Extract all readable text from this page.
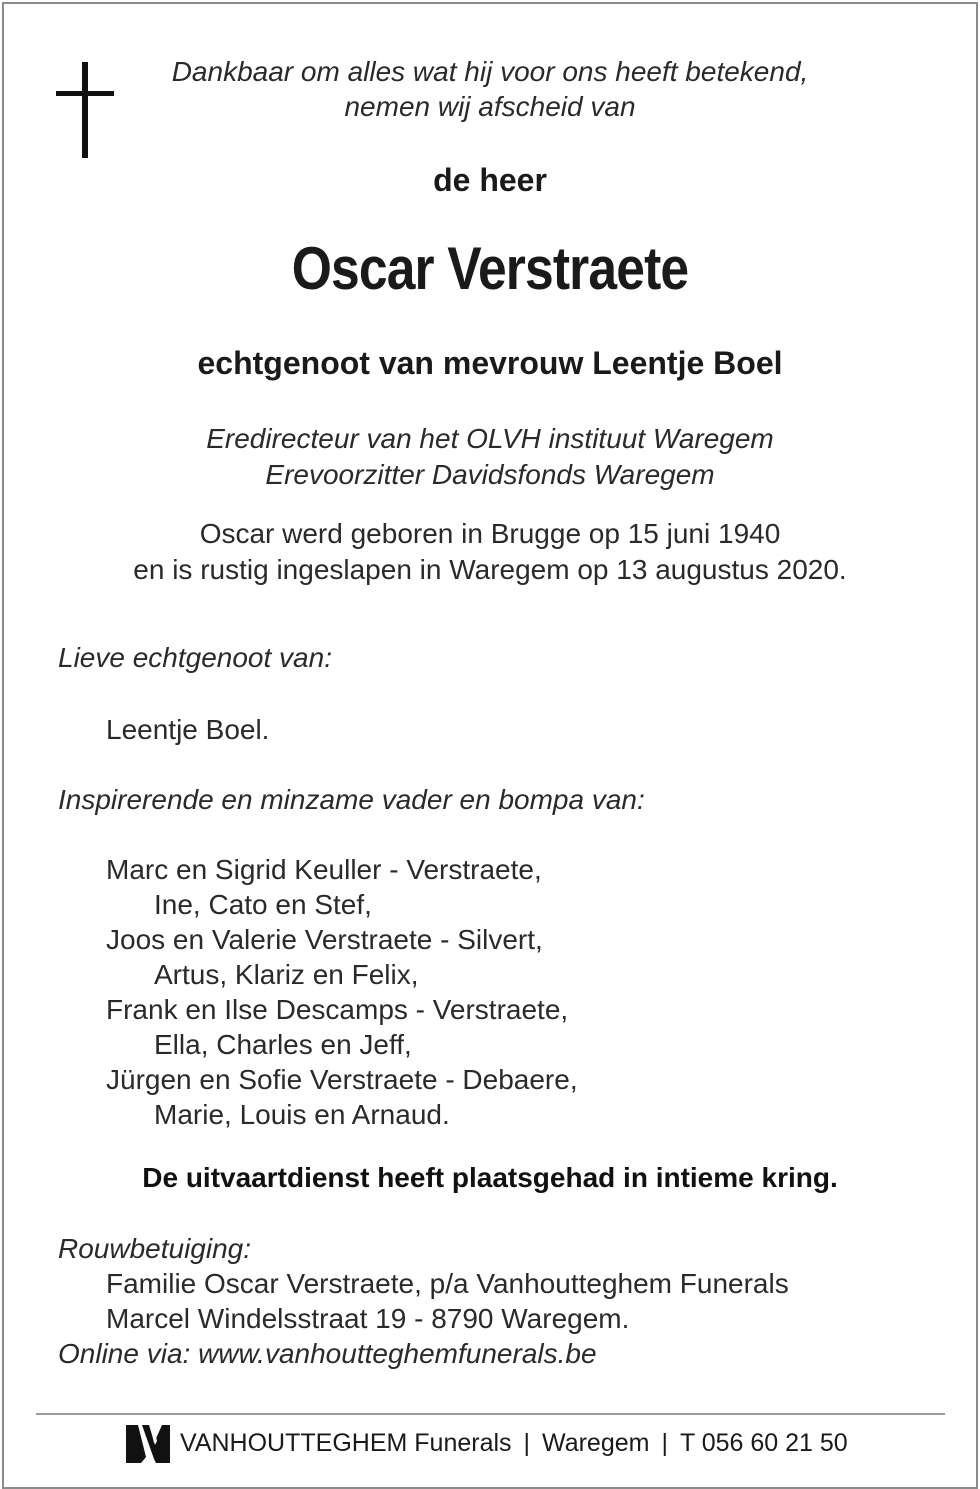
Dankbaar om alles wat hij voor ons heeft betekend,
nemen wij afscheid van
de heer
Oscar Verstraete
echtgenoot van mevrouw Leentje Boel
Eredirecteur van het OLVH instituut Waregem
Erevoorzitter Davidsfonds Waregem
Oscar werd geboren in Brugge op 15 juni 1940
en is rustig ingeslapen in Waregem op 13 augustus 2020.
Lieve echtgenoot van:
Leentje Boel.
Inspirerende en minzame vader en bompa van:
Marc en Sigrid Keuller - Verstraete,
Ine, Cato en Stef,
Joos en Valerie Verstraete - Silvert,
Artus, Klariz en Felix,
Frank en Ilse Descamps - Verstraete,
Ella, Charles en Jeff,
Jürgen en Sofie Verstraete - Debaere,
Marie, Louis en Arnaud.
De uitvaartdienst heeft plaatsgehad in intieme kring.
Rouwbetuiging:
Familie Oscar Verstraete, p/a Vanhoutteghem Funerals
Marcel Windelsstraat 19 - 8790 Waregem.
Online via: www.vanhoutteghemfunerals.be
VANHOUTTEGHEM Funerals | Waregem | T 056 60 21 50
